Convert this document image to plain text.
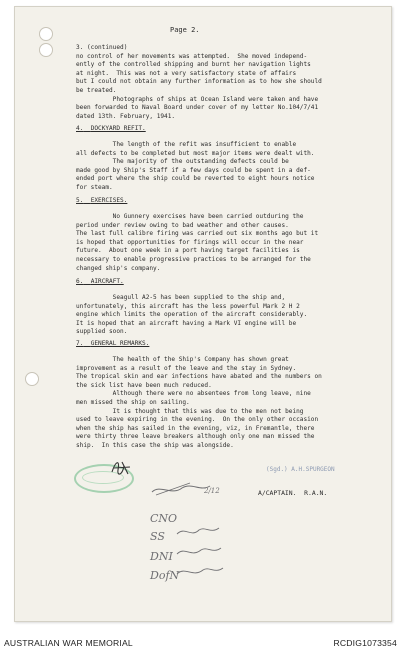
Page 2.
3. (continued)
no control of her movements was attempted.  She moved independ-
ently of the controlled shipping and burnt her navigation lights
at night.  This was not a very satisfactory state of affairs
but I could not obtain any further information as to how she should
be treated.
Photographs of ships at Ocean Island were taken and have
been forwarded to Naval Board under cover of my letter No.104/7/41
dated 13th. February, 1941.
4. DOCKYARD REFIT.
The length of the refit was insufficient to enable
all defects to be completed but most major items were dealt with.
The majority of the outstanding defects could be
made good by Ship's Staff if a few days could be spent in a def-
ended port where the ship could be reverted to eight hours notice
for steam.
5. EXERCISES.
No Gunnery exercises have been carried outduring the
period under review owing to bad weather and other causes.
The last full calibre firing was carried out six months ago but it
is hoped that opportunities for firings will occur in the near
future.  About one week in a port having target facilities is
necessary to enable progressive practices to be arranged for the
changed ship's company.
6. AIRCRAFT.
Seagull A2-5 has been supplied to the ship and,
unfortunately, this aircraft has the less powerful Mark 2 H 2
engine which limits the operation of the aircraft considerably.
It is hoped that an aircraft having a Mark VI engine will be
supplied soon.
7. GENERAL REMARKS.
The health of the Ship's Company has shown great
improvement as a result of the leave and the stay in Sydney.
The tropical skin and ear infections have abated and the numbers on
the sick list have been much reduced.
Although there were no absentees from long leave, nine
men missed the ship on sailing.
It is thought that this was due to the men not being
used to leave expiring in the evening.  On the only other occasion
when the ship has sailed in the evening, viz, in Fremantle, there
were thirty three leave breakers although only one man missed the
ship.  In this case the ship was alongside.
(Sgd.) A.H.SPURGEON
A/CAPTAIN.  R.A.N.
2/12
CNO
SS
DNI
DofN
AUSTRALIAN WAR MEMORIAL	RCDIG1073354
